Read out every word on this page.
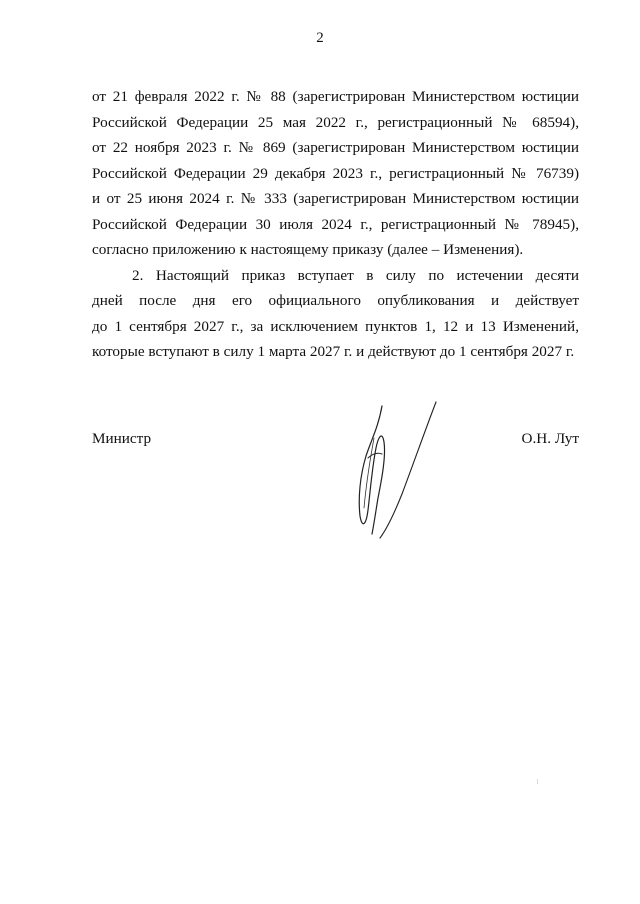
2
от 21 февраля 2022 г. № 88 (зарегистрирован Министерством юстиции
Российской Федерации 25 мая 2022 г., регистрационный № 68594),
от 22 ноября 2023 г. № 869 (зарегистрирован Министерством юстиции
Российской Федерации 29 декабря 2023 г., регистрационный № 76739)
и от 25 июня 2024 г. № 333 (зарегистрирован Министерством юстиции
Российской Федерации 30 июля 2024 г., регистрационный № 78945),
согласно приложению к настоящему приказу (далее – Изменения).
2. Настоящий приказ вступает в силу по истечении десяти
дней после дня его официального опубликования и действует
до 1 сентября 2027 г., за исключением пунктов 1, 12 и 13 Изменений,
которые вступают в силу 1 марта 2027 г. и действуют до 1 сентября 2027 г.
Министр	О.Н. Лут
